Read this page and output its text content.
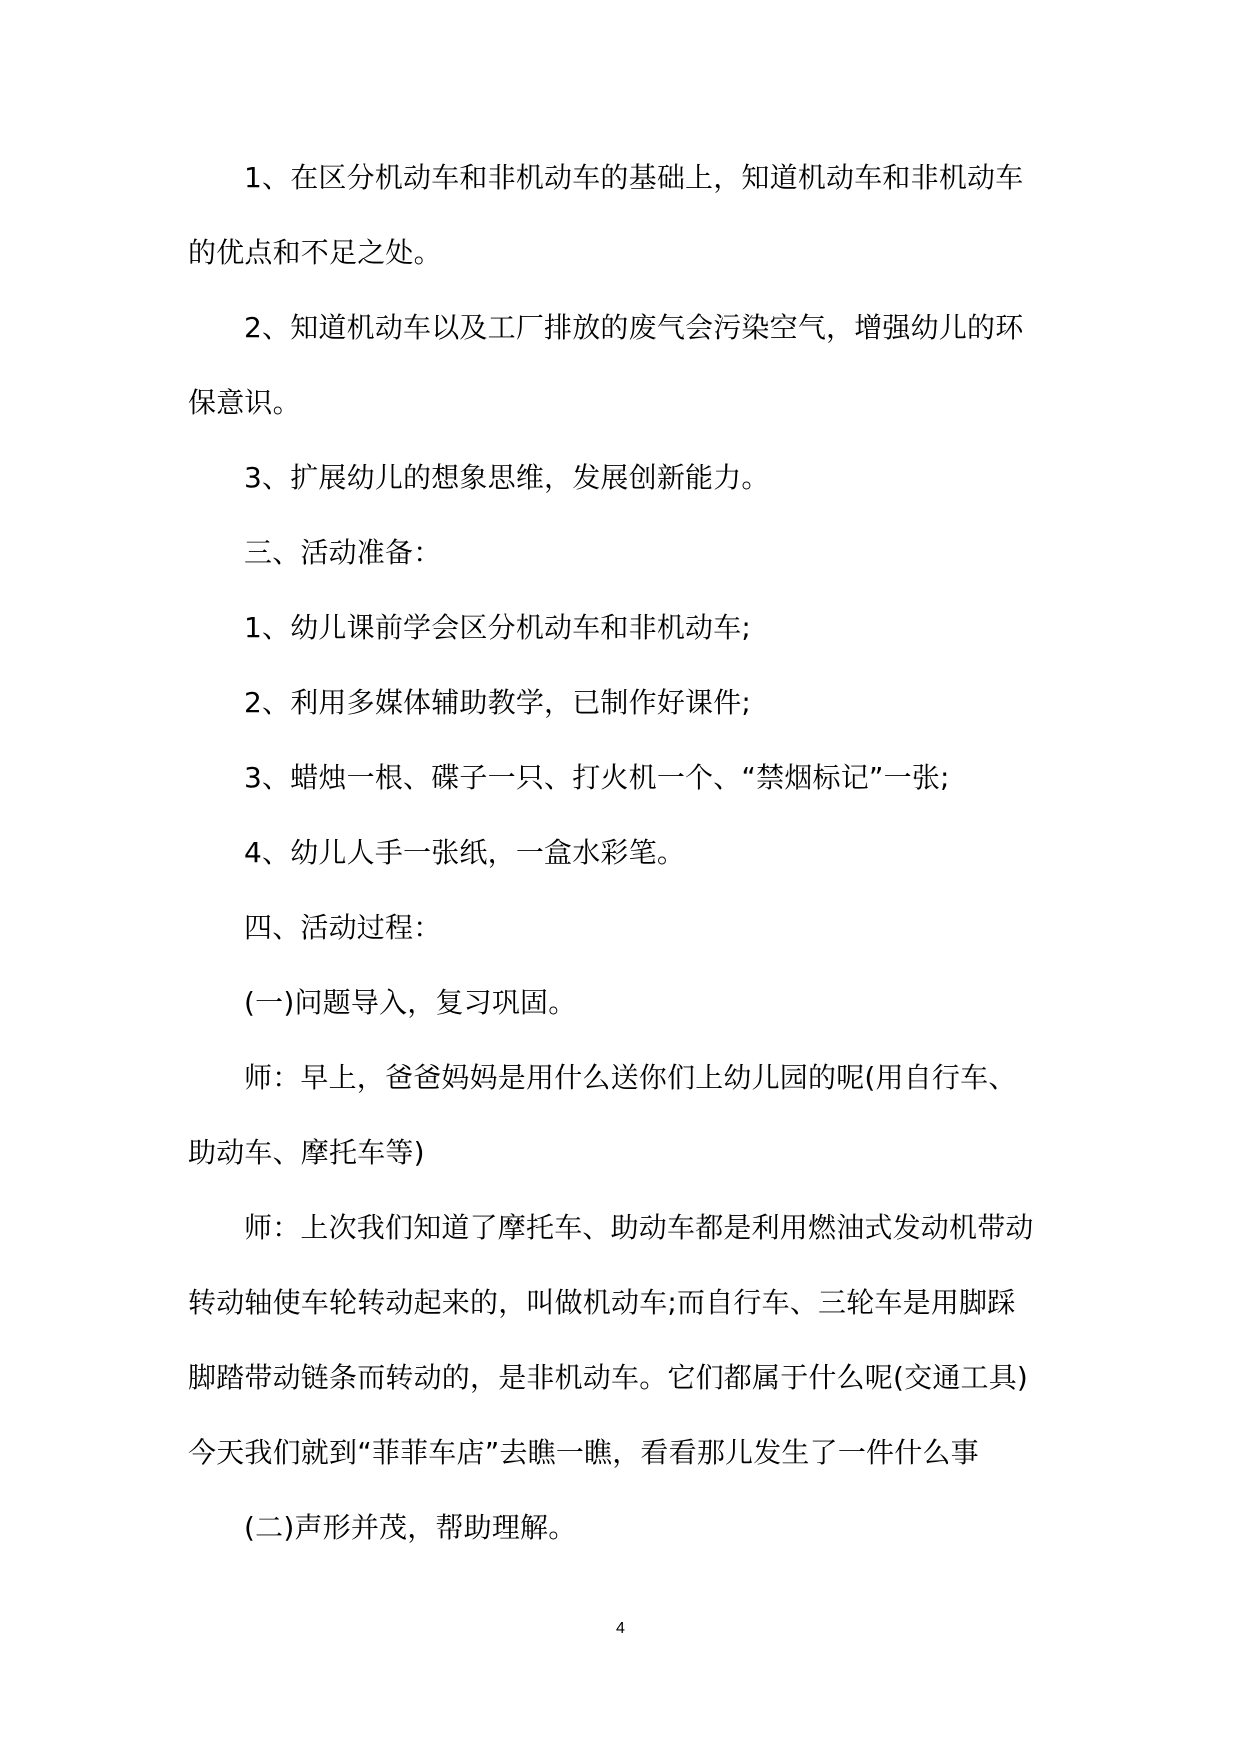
1、在区分机动车和非机动车的基础上，知道机动车和非机动车
的优点和不足之处。

2、知道机动车以及工厂排放的废气会污染空气，增强幼儿的环
保意识。

3、扩展幼儿的想象思维，发展创新能力。

三、活动准备：

1、幼儿课前学会区分机动车和非机动车;

2、利用多媒体辅助教学，已制作好课件;

3、蜡烛一根、碟子一只、打火机一个、“禁烟标记”一张;

4、幼儿人手一张纸，一盒水彩笔。

四、活动过程：

(一)问题导入，复习巩固。

师：早上，爸爸妈妈是用什么送你们上幼儿园的呢(用自行车、
助动车、摩托车等)

师：上次我们知道了摩托车、助动车都是利用燃油式发动机带动
转动轴使车轮转动起来的，叫做机动车;而自行车、三轮车是用脚踩
脚踏带动链条而转动的，是非机动车。它们都属于什么呢(交通工具)
今天我们就到“菲菲车店”去瞧一瞧，看看那儿发生了一件什么事

(二)声形并茂，帮助理解。

4
